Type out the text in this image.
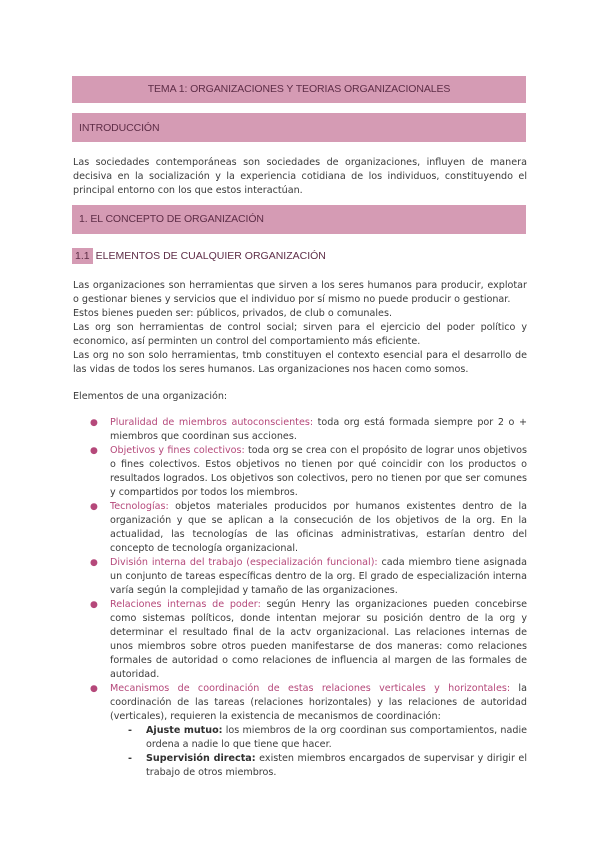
TEMA 1: ORGANIZACIONES Y TEORIAS ORGANIZACIONALES
INTRODUCCIÓN
Las sociedades contemporáneas son sociedades de organizaciones, influyen de manera decisiva en la socialización y la experiencia cotidiana de los individuos, constituyendo el principal entorno con los que estos interactúan.
1. EL CONCEPTO DE ORGANIZACIÓN
1.1 ELEMENTOS DE CUALQUIER ORGANIZACIÓN

Las organizaciones son herramientas que sirven a los seres humanos para producir, explotar o gestionar bienes y servicios que el individuo por sí mismo no puede producir o gestionar.

Estos bienes pueden ser: públicos, privados, de club o comunales.

Las org son herramientas de control social; sirven para el ejercicio del poder político y economico, así perminten un control del comportamiento más eficiente.

Las org no son solo herramientas, tmb constituyen el contexto esencial para el desarrollo de las vidas de todos los seres humanos. Las organizaciones nos hacen como somos.

Elementos de una organización:
● Pluralidad de miembros autoconscientes: toda org está formada siempre por 2 o + miembros que coordinan sus acciones.
● Objetivos y fines colectivos: toda org se crea con el propósito de lograr unos objetivos o fines colectivos. Estos objetivos no tienen por qué coincidir con los productos o resultados logrados. Los objetivos son colectivos, pero no tienen por que ser comunes y compartidos por todos los miembros.
● Tecnologías: objetos materiales producidos por humanos existentes dentro de la organización y que se aplican a la consecución de los objetivos de la org. En la actualidad, las tecnologías de las oficinas administrativas, estarían dentro del concepto de tecnología organizacional.
● División interna del trabajo (especialización funcional): cada miembro tiene asignada un conjunto de tareas específicas dentro de la org. El grado de especialización interna varía según la complejidad y tamaño de las organizaciones.
● Relaciones internas de poder: según Henry las organizaciones pueden concebirse como sistemas políticos, donde intentan mejorar su posición dentro de la org y determinar el resultado final de la actv organizacional. Las relaciones internas de unos miembros sobre otros pueden manifestarse de dos maneras: como relaciones formales de autoridad o como relaciones de influencia al margen de las formales de autoridad.
● Mecanismos de coordinación de estas relaciones verticales y horizontales: la coordinación de las tareas (relaciones horizontales) y las relaciones de autoridad (verticales), requieren la existencia de mecanismos de coordinación:
- Ajuste mutuo: los miembros de la org coordinan sus comportamientos, nadie ordena a nadie lo que tiene que hacer.
- Supervisión directa: existen miembros encargados de supervisar y dirigir el trabajo de otros miembros.
